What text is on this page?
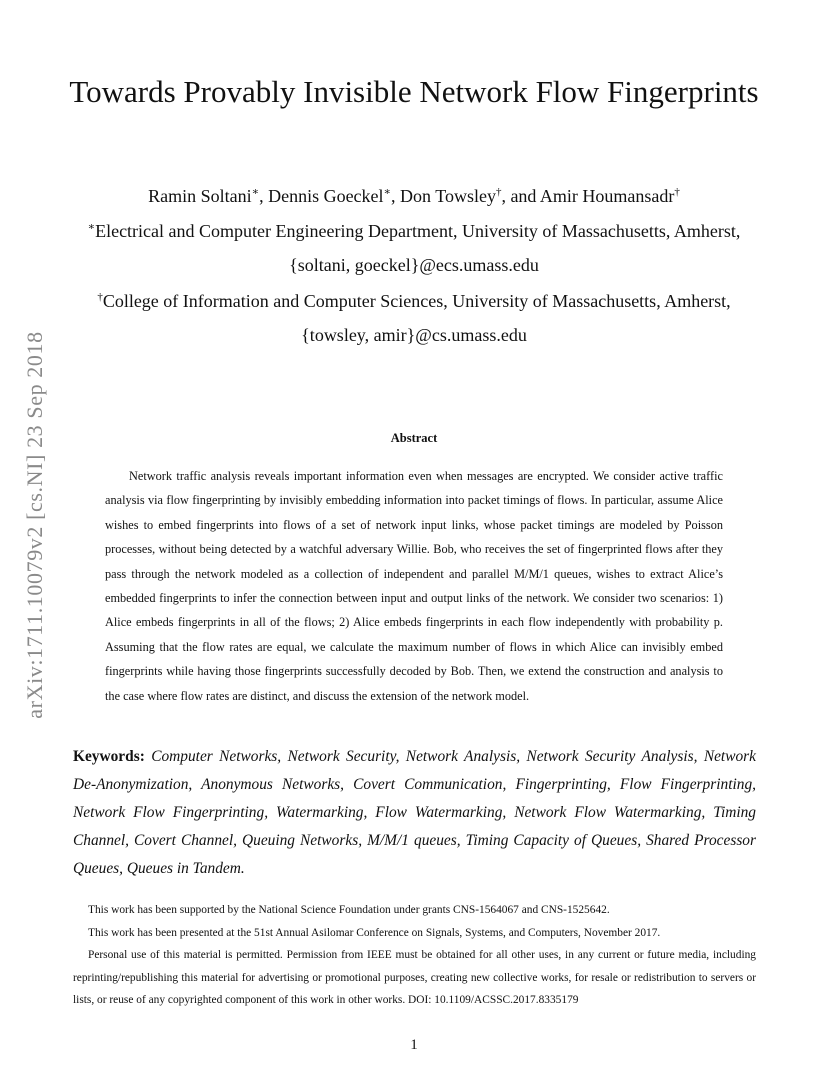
arXiv:1711.10079v2 [cs.NI] 23 Sep 2018
Towards Provably Invisible Network Flow Fingerprints
Ramin Soltani∗, Dennis Goeckel∗, Don Towsley†, and Amir Houmansadr†
∗Electrical and Computer Engineering Department, University of Massachusetts, Amherst,
{soltani, goeckel}@ecs.umass.edu
†College of Information and Computer Sciences, University of Massachusetts, Amherst,
{towsley, amir}@cs.umass.edu
Abstract

Network traffic analysis reveals important information even when messages are encrypted. We consider active traffic analysis via flow fingerprinting by invisibly embedding information into packet timings of flows. In particular, assume Alice wishes to embed fingerprints into flows of a set of network input links, whose packet timings are modeled by Poisson processes, without being detected by a watchful adversary Willie. Bob, who receives the set of fingerprinted flows after they pass through the network modeled as a collection of independent and parallel M/M/1 queues, wishes to extract Alice’s embedded fingerprints to infer the connection between input and output links of the network. We consider two scenarios: 1) Alice embeds fingerprints in all of the flows; 2) Alice embeds fingerprints in each flow independently with probability p. Assuming that the flow rates are equal, we calculate the maximum number of flows in which Alice can invisibly embed fingerprints while having those fingerprints successfully decoded by Bob. Then, we extend the construction and analysis to the case where flow rates are distinct, and discuss the extension of the network model.

Keywords: Computer Networks, Network Security, Network Analysis, Network Security Analysis, Network De-Anonymization, Anonymous Networks, Covert Communication, Fingerprinting, Flow Fingerprinting, Network Flow Fingerprinting, Watermarking, Flow Watermarking, Network Flow Watermarking, Timing Channel, Covert Channel, Queuing Networks, M/M/1 queues, Timing Capacity of Queues, Shared Processor Queues, Queues in Tandem.

This work has been supported by the National Science Foundation under grants CNS-1564067 and CNS-1525642.

This work has been presented at the 51st Annual Asilomar Conference on Signals, Systems, and Computers, November 2017.

Personal use of this material is permitted. Permission from IEEE must be obtained for all other uses, in any current or future media, including reprinting/republishing this material for advertising or promotional purposes, creating new collective works, for resale or redistribution to servers or lists, or reuse of any copyrighted component of this work in other works. DOI: 10.1109/ACSSC.2017.8335179

1
